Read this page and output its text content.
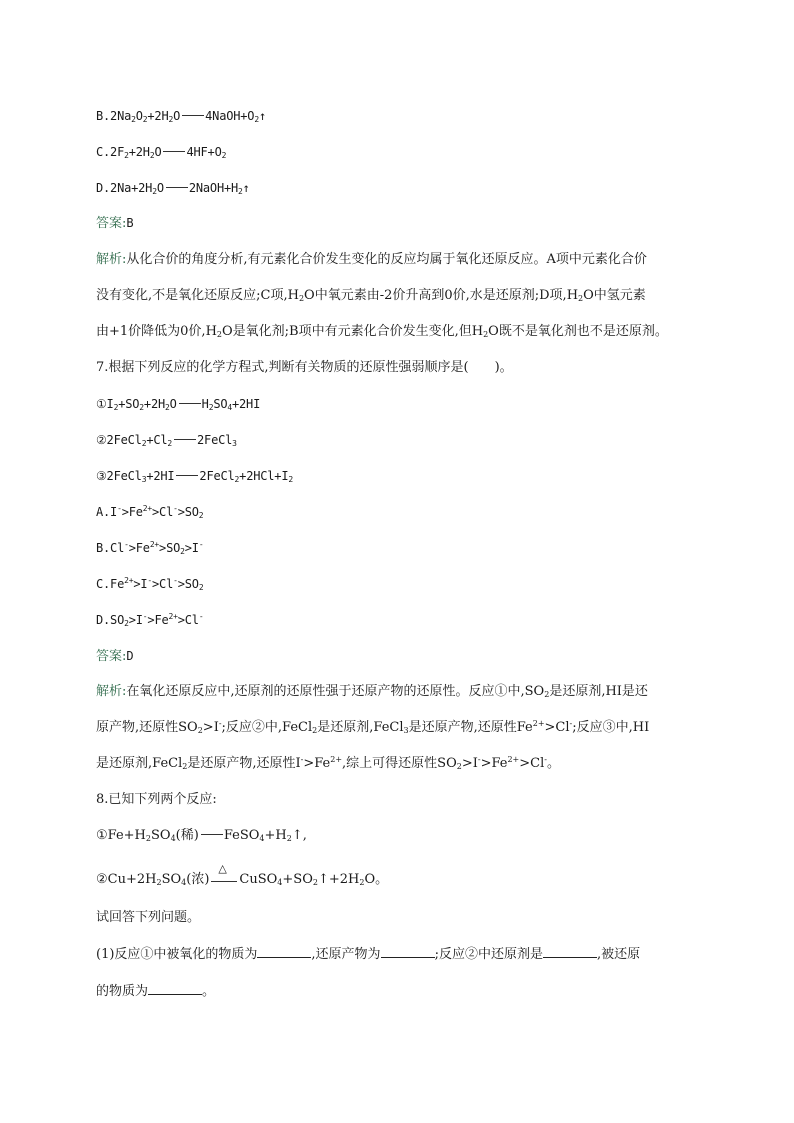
$B.2Na_2O_2+2H_2O$ $4NaOH+O_2↑$
$C.2F_2+2H_2O$ $4HF+O_2$
$D.2Na+2H_2O$ $2NaOH+H_2↑$
答案:B
解析:从化合价的角度分析,有元素化合价发生变化的反应均属于氧化还原反应。A项中元素化合价
没有变化,不是氧化还原反应;C项$,H_2O$中氧元素由-2价升高到0价,水是还原剂;D项$,H_2O$中氢元素
由+1价降低为0价$,H_2O$是氧化剂;B项中有元素化合价发生变化,但$H_2O$既不是氧化剂也不是还原剂。
7.根据下列反应的化学方程式,判断有关物质的还原性强弱顺序是(　　)。
$①I_2+SO_2+2H_2O$ $H_2SO_4+2HI$
$②2FeCl_2+Cl_2$ 2FeCl$_3$
③2FeCl$_3$+2HI $2FeCl_2+2HCl+I_2$
$A.I^->Fe^{2+}>Cl^->SO_2$
$B.Cl^->Fe^{2+}>SO_2>I^-$
$C.Fe^{2+}>I^->Cl^->SO_2$
$D.SO_2>I^->Fe^{2+}>Cl^-$
答案:D
解析:在氧化还原反应中,还原剂的还原性强于还原产物的还原性。反应①中$,SO_2$是还原剂,HI是还
原产物,还原性$SO_2>I^-$;反应②中,FeCl$_2$是还原剂,FeCl$_3$是还原产物,还原性$Fe^{2+}>Cl^-$;反应③中,HI
是还原剂,FeCl$_2$是还原产物,还原性$I^->Fe^{2+}$,综上可得还原性$SO_2>I^->Fe^{2+}>Cl^-$。
8.已知下列两个反应:
$①Fe+H_2SO_4$(稀) $FeSO_4+H_2↑$,
$②Cu+2H_2SO_4$(浓)
△
$CuSO_4+SO_2↑+2H_2O$。
试回答下列问题。
(1)反应①中被氧化的物质为	,还原产物为	;反应②中还原剂是	,被还原
的物质为	。
